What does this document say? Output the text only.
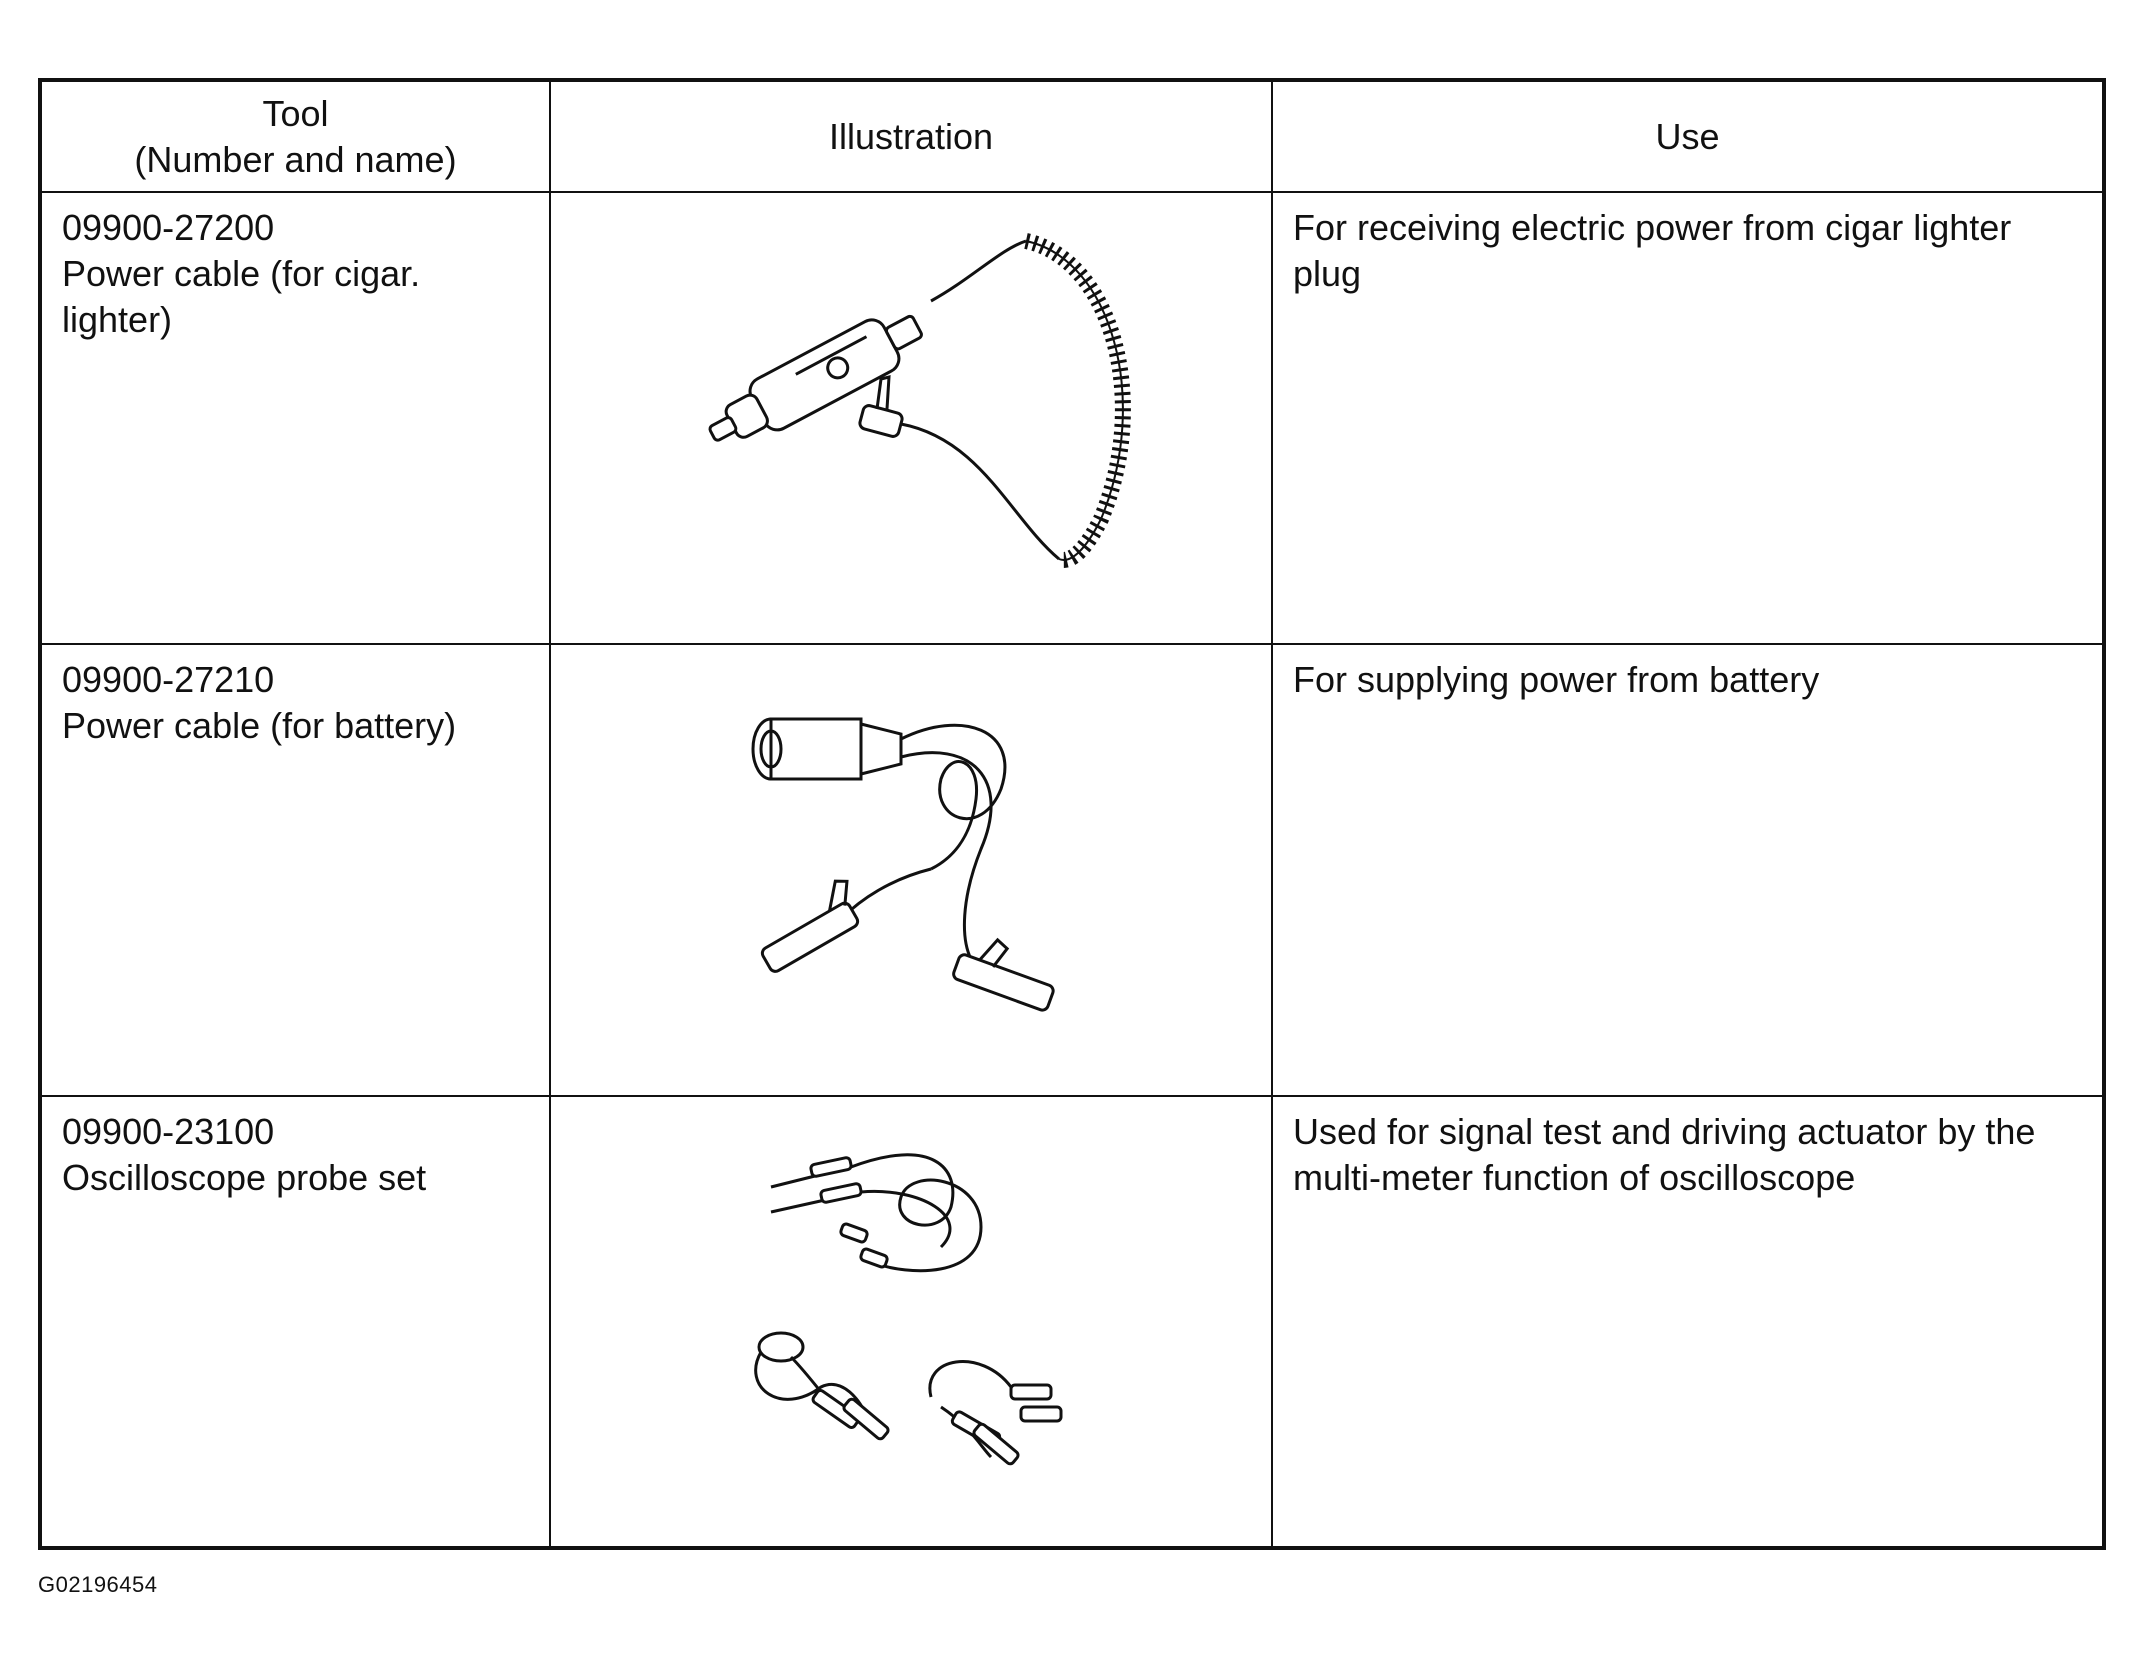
Tool
(Number and name)	Illustration	Use

09900-27200
Power cable (for cigar. lighter)		For receiving electric power from cigar lighter plug

09900-27210
Power cable (for battery)		For supplying power from battery

09900-23100
Oscilloscope probe set		Used for signal test and driving actuator by the multi-meter function of oscilloscope
G02196454
